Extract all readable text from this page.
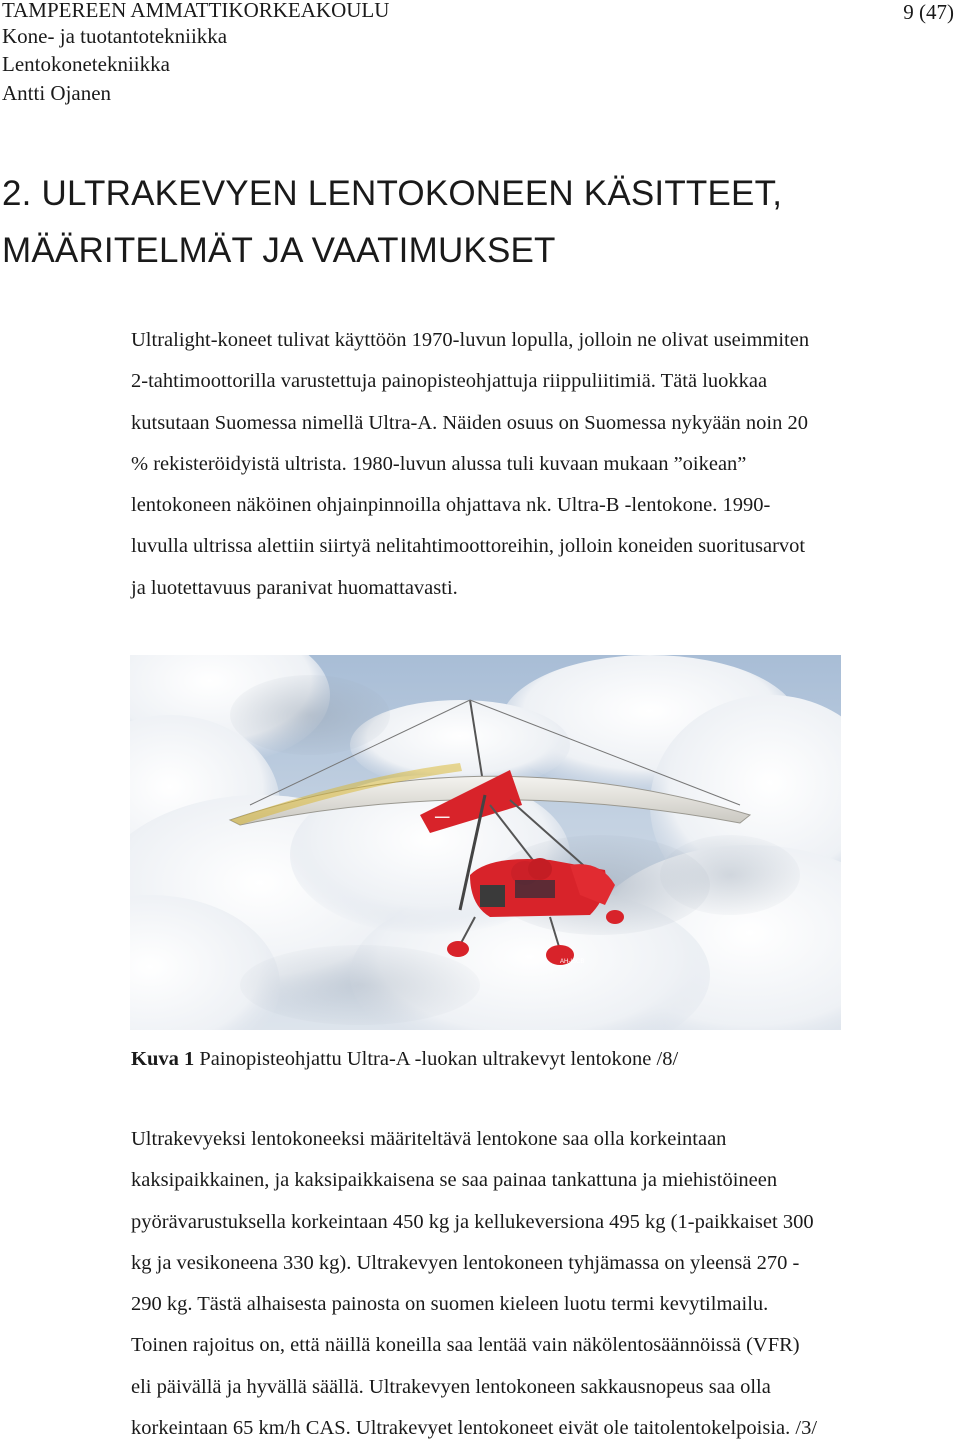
TAMPEREEN AMMATTIKORKEAKOULU
Kone- ja tuotantotekniikka
Lentokonetekniikka
Antti Ojanen
9 (47)
2. ULTRAKEVYEN LENTOKONEEN KÄSITTEET,
MÄÄRITELMÄT JA VAATIMUKSET
Ultralight-koneet tulivat käyttöön 1970-luvun lopulla, jolloin ne olivat useimmiten
2-tahtimoottorilla varustettuja painopisteohjattuja riippuliitimiä. Tätä luokkaa
kutsutaan Suomessa nimellä Ultra-A. Näiden osuus on Suomessa nykyään noin 20
% rekisteröidyistä ultrista. 1980-luvun alussa tuli kuvaan mukaan ”oikean”
lentokoneen näköinen ohjainpinnoilla ohjattava nk. Ultra-B -lentokone. 1990-
luvulla ultrissa alettiin siirtyä nelitahtimoottoreihin, jolloin koneiden suoritusarvot
ja luotettavuus paranivat huomattavasti.
━━━
AH-ISCB
Kuva 1 Painopisteohjattu Ultra-A -luokan ultrakevyt lentokone /8/
Ultrakevyeksi lentokoneeksi määriteltävä lentokone saa olla korkeintaan
kaksipaikkainen, ja kaksipaikkaisena se saa painaa tankattuna ja miehistöineen
pyörävarustuksella korkeintaan 450 kg ja kellukeversiona 495 kg (1-paikkaiset 300
kg ja vesikoneena 330 kg). Ultrakevyen lentokoneen tyhjämassa on yleensä 270 -
290 kg. Tästä alhaisesta painosta on suomen kieleen luotu termi kevytilmailu.
Toinen rajoitus on, että näillä koneilla saa lentää vain näkölentosäännöissä (VFR)
eli päivällä ja hyvällä säällä. Ultrakevyen lentokoneen sakkausnopeus saa olla
korkeintaan 65 km/h CAS. Ultrakevyet lentokoneet eivät ole taitolentokelpoisia. /3/
